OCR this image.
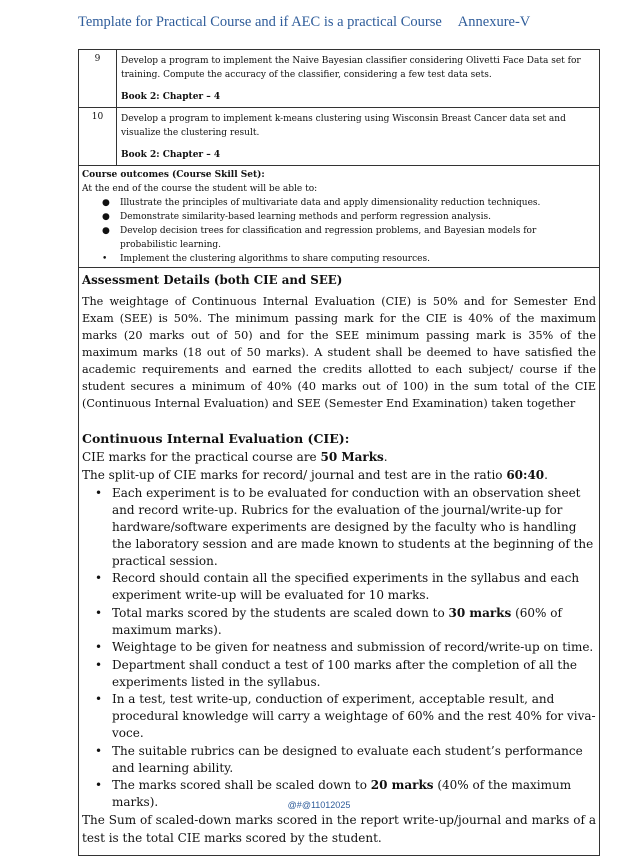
Template for Practical Course and if AEC is a practical Course Annexure-V
9	Develop a program to implement the Naive Bayesian classifier considering Olivetti Face Data set for training. Compute the accuracy of the classifier, considering a few test data sets.
Book 2: Chapter – 4
10	Develop a program to implement k-means clustering using Wisconsin Breast Cancer data set and visualize the clustering result.
Book 2: Chapter – 4
Course outcomes (Course Skill Set):
At the end of the course the student will be able to:
● Illustrate the principles of multivariate data and apply dimensionality reduction techniques.
● Demonstrate similarity-based learning methods and perform regression analysis.
● Develop decision trees for classification and regression problems, and Bayesian models for probabilistic learning.
• Implement the clustering algorithms to share computing resources.
Assessment Details (both CIE and SEE)
The weightage of Continuous Internal Evaluation (CIE) is 50% and for Semester End Exam (SEE) is 50%. The minimum passing mark for the CIE is 40% of the maximum marks (20 marks out of 50) and for the SEE minimum passing mark is 35% of the maximum marks (18 out of 50 marks). A student shall be deemed to have satisfied the academic requirements and earned the credits allotted to each subject/ course if the student secures a minimum of 40% (40 marks out of 100) in the sum total of the CIE (Continuous Internal Evaluation) and SEE (Semester End Examination) taken together
Continuous Internal Evaluation (CIE):

CIE marks for the practical course are 50 Marks.

The split-up of CIE marks for record/ journal and test are in the ratio 60:40.

• Each experiment is to be evaluated for conduction with an observation sheet and record write-up. Rubrics for the evaluation of the journal/write-up for hardware/software experiments are designed by the faculty who is handling the laboratory session and are made known to students at the beginning of the practical session.
• Record should contain all the specified experiments in the syllabus and each experiment write-up will be evaluated for 10 marks.
• Total marks scored by the students are scaled down to 30 marks (60% of maximum marks).
• Weightage to be given for neatness and submission of record/write-up on time.
• Department shall conduct a test of 100 marks after the completion of all the experiments listed in the syllabus.
• In a test, test write-up, conduction of experiment, acceptable result, and procedural knowledge will carry a weightage of 60% and the rest 40% for viva-voce.
• The suitable rubrics can be designed to evaluate each student’s performance and learning ability.
• The marks scored shall be scaled down to 20 marks (40% of the maximum marks).
The Sum of scaled-down marks scored in the report write-up/journal and marks of a test is the total CIE marks scored by the student.
@#@11012025
